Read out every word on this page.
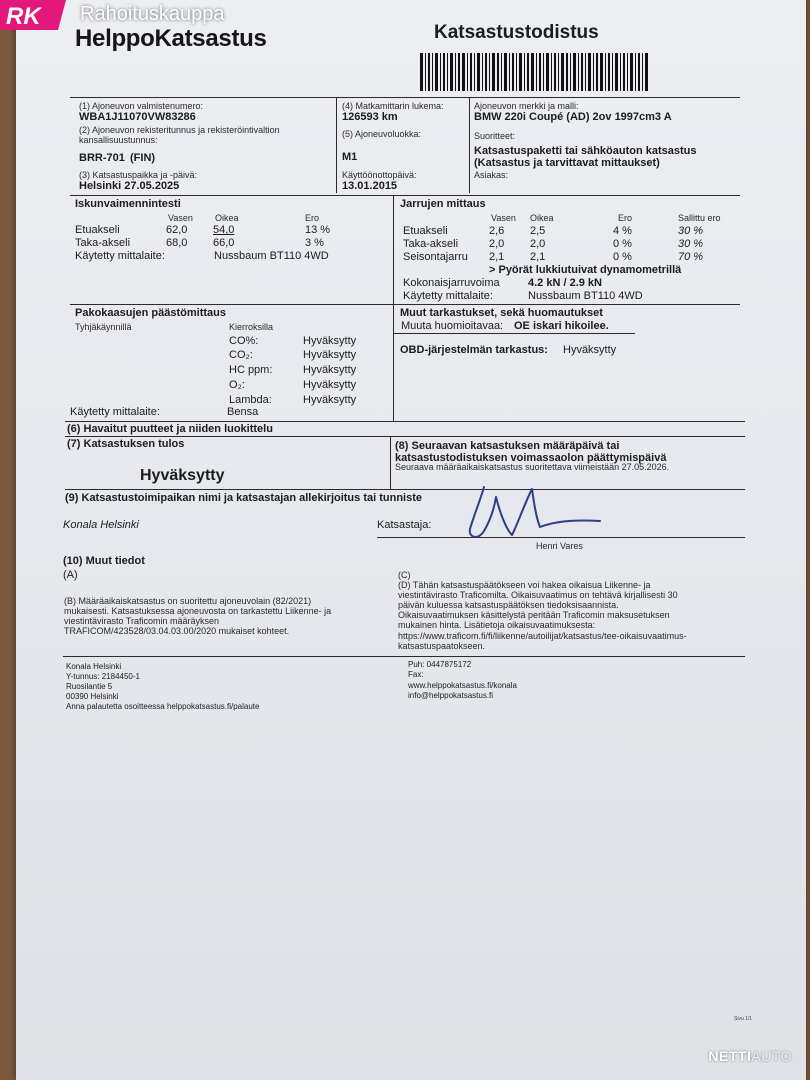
RK Rahoituskauppa
HelppoKatsastus	Katsastustodistus
(1) Ajoneuvon valmistenumero:
WBA1J11070VW83286
(2) Ajoneuvon rekisteritunnus ja rekisteröintivaltion
kansallisuustunnus:
BRR-701 (FIN)
(3) Katsastuspaikka ja -päivä:
Helsinki 27.05.2025
(4) Matkamittarin lukema:
126593 km
(5) Ajoneuvoluokka:
M1
Käyttöönottopäivä:
13.01.2015
Ajoneuvon merkki ja malli:
BMW 220i Coupé (AD) 2ov 1997cm3 A
Suoritteet:
Katsastuspaketti tai sähköauton katsastus
(Katsastus ja tarvittavat mittaukset)
Asiakas:
Iskunvaimennintesti
Vasen Oikea	Ero
Etuakseli	62,0 54,0	13 %
Taka-akseli	68,0 66,0	3 %
Käytetty mittalaite:	Nussbaum BT110 4WD
Jarrujen mittaus
Vasen Oikea	Ero	Sallittu ero
Etuakseli	2,6 2,5	4 %	30 %
Taka-akseli	2,0 2,0	0 %	30 %
Seisontajarru 2,1 2,1	0 %	70 %
> Pyörät lukkiutuivat dynamometrillä
Kokonaisjarruvoima	4.2 kN / 2.9 kN
Käytetty mittalaite:	Nussbaum BT110 4WD
Pakokaasujen päästömittaus
Tyhjäkäynnillä	Kierroksilla
CO%:	Hyväksytty
CO₂:	Hyväksytty
HC ppm:	Hyväksytty
O₂:	Hyväksytty
Lambda:	Hyväksytty
Käytetty mittalaite:	Bensa
Muut tarkastukset, sekä huomautukset
Muuta huomioitavaa: OE iskari hikoilee.
OBD-järjestelmän tarkastus: Hyväksytty
(6) Havaitut puutteet ja niiden luokittelu
(7) Katsastuksen tulos
Hyväksytty
(8) Seuraavan katsastuksen määräpäivä tai
katsastustodistuksen voimassaolon päättymispäivä
Seuraava määräaikaiskatsastus suoritettava viimeistään 27.05.2026.
(9) Katsastustoimipaikan nimi ja katsastajan allekirjoitus tai tunniste
Konala Helsinki	Katsastaja:
Henri Vares
(10) Muut tiedot
(A)
(B) Määräaikaiskatsastus on suoritettu ajoneuvolain (82/2021)
mukaisesti. Katsastuksessa ajoneuvosta on tarkastettu Liikenne- ja
viestintävirasto Traficomin määräyksen
TRAFICOM/423528/03.04.03.00/2020 mukaiset kohteet.
(C)
(D) Tähän katsastuspäätökseen voi hakea oikaisua Liikenne- ja
viestintävirasto Traficomilta. Oikaisuvaatimus on tehtävä kirjallisesti 30
päivän kuluessa katsastuspäätöksen tiedoksisaannista.
Oikaisuvaatimuksen käsittelystä peritään Traficomin maksusetuksen
mukainen hinta. Lisätietoja oikaisuvaatimuksesta:
https://www.traficom.fi/fi/liikenne/autoilijat/katsastus/tee-oikaisuvaatimus-
katsastuspaatokseen.
Konala Helsinki
Y-tunnus: 2184450-1
Ruosilantie 5
00390 Helsinki
Anna palautetta osoitteessa helppokatsastus.fi/palaute
Puh: 0447875172
Fax:
www.helppokatsastus.fi/konala
info@helppokatsastus.fi
Sivu 1/1
NETTIAUTO
